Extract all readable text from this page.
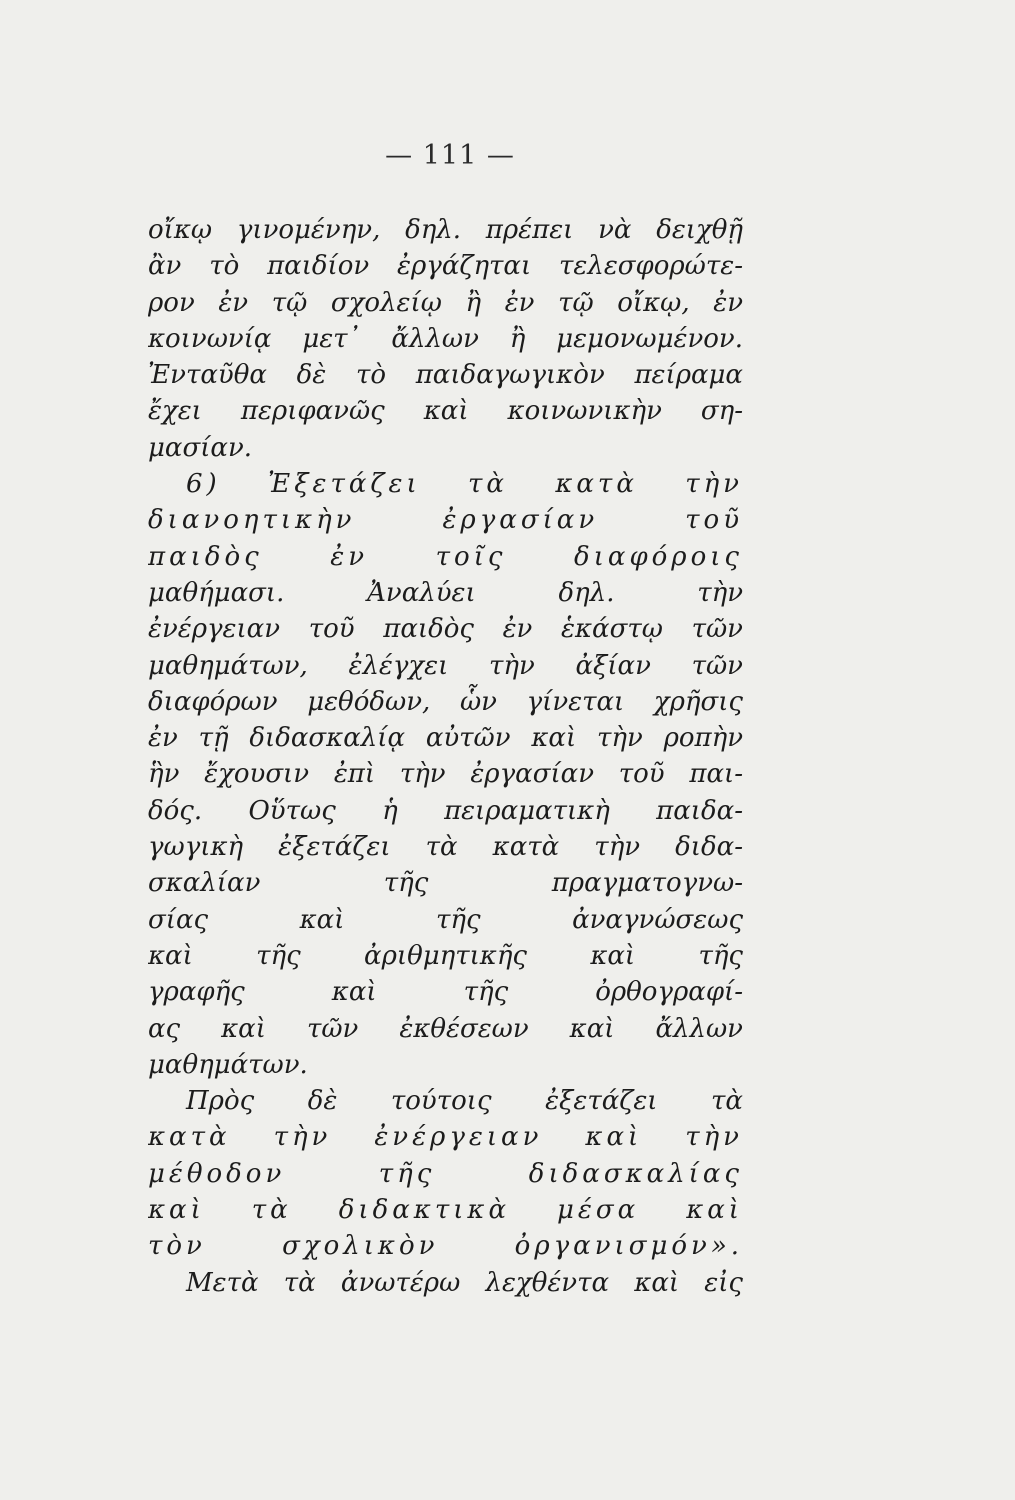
— 111 —
οἴκῳ γινομένην, δηλ. πρέπει νὰ δειχθῇ
ἂν τὸ παιδίον ἐργάζηται τελεσφορώτε-
ρον ἐν τῷ σχολείῳ ἢ ἐν τῷ οἴκῳ, ἐν
κοινωνίᾳ μετ᾿ ἄλλων ἢ μεμονωμένον.
Ἐνταῦθα δὲ τὸ παιδαγωγικὸν πείραμα
ἔχει περιφανῶς καὶ κοινωνικὴν ση-
μασίαν.
6) Ἐξετάζει τὰ κατὰ τὴν
διανοητικὴν ἐργασίαν τοῦ
παιδὸς ἐν τοῖς διαφόροις
μαθήμασι. Ἀναλύει δηλ. τὴν
ἐνέργειαν τοῦ παιδὸς ἐν ἑκάστῳ τῶν
μαθημάτων, ἐλέγχει τὴν ἀξίαν τῶν
διαφόρων μεθόδων, ὧν γίνεται χρῆσις
ἐν τῇ διδασκαλίᾳ αὐτῶν καὶ τὴν ροπὴν
ἣν ἔχουσιν ἐπὶ τὴν ἐργασίαν τοῦ παι-
δός. Οὕτως ἡ πειραματικὴ παιδα-
γωγικὴ ἐξετάζει τὰ κατὰ τὴν διδα-
σκαλίαν τῆς πραγματογνω-
σίας καὶ τῆς ἀναγνώσεως
καὶ τῆς ἀριθμητικῆς καὶ τῆς
γραφῆς καὶ τῆς ὀρθογραφί-
ας καὶ τῶν ἐκθέσεων καὶ ἄλλων
μαθημάτων.
Πρὸς δὲ τούτοις ἐξετάζει τὰ
κατὰ τὴν ἐνέργειαν καὶ τὴν
μέθοδον τῆς διδασκαλίας
καὶ τὰ διδακτικὰ μέσα καὶ
τὸν σχολικὸν ὀργανισμόν».
Μετὰ τὰ ἀνωτέρω λεχθέντα καὶ εἰς
